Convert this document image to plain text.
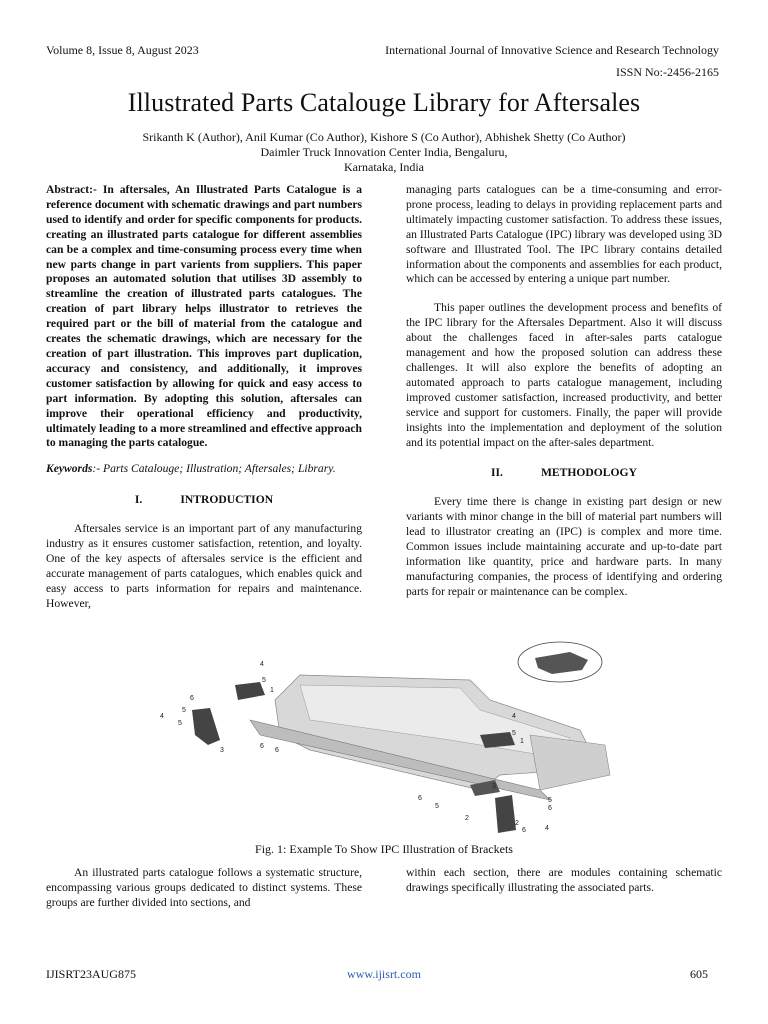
Volume 8, Issue 8, August 2023	International Journal of Innovative Science and Research Technology
ISSN No:-2456-2165
Illustrated Parts Catalouge Library for Aftersales
Srikanth K (Author), Anil Kumar (Co Author), Kishore S (Co Author), Abhishek Shetty (Co Author)
Daimler Truck Innovation Center India, Bengaluru,
Karnataka, India

Abstract:- In aftersales, An Illustrated Parts Catalogue is a reference document with schematic drawings and part numbers used to identify and order for specific components for products. creating an illustrated parts catalogue for different assemblies can be a complex and time-consuming process every time when new parts change in part varients from suppliers. This paper proposes an automated solution that utilises 3D assembly to streamline the creation of illustrated parts catalogues. The creation of part library helps illustrator to retrieves the required part or the bill of material from the catalogue and creates the schematic drawings, which are necessary for the creation of part illustration. This improves part duplication, accuracy and consistency, and additionally, it improves customer satisfaction by allowing for quick and easy access to part information. By adopting this solution, aftersales can improve their operational efficiency and productivity, ultimately leading to a more streamlined and effective approach to managing the parts catalogue.

Keywords:- Parts Catalouge; Illustration; Aftersales; Library.

I.	INTRODUCTION

Aftersales service is an important part of any manufacturing industry as it ensures customer satisfaction, retention, and loyalty. One of the key aspects of aftersales service is the efficient and accurate management of parts catalogues, which enables quick and easy access to parts information for repairs and maintenance. However,

managing parts catalogues can be a time-consuming and error-prone process, leading to delays in providing replacement parts and ultimately impacting customer satisfaction. To address these issues, an Illustrated Parts Catalogue (IPC) library was developed using 3D software and Illustrated Tool. The IPC library contains detailed information about the components and assemblies for each product, which can be accessed by entering a unique part number.

This paper outlines the development process and benefits of the IPC library for the Aftersales Department. Also it will discuss about the challenges faced in after-sales parts catalogue management and how the proposed solution can address these challenges. It will also explore the benefits of adopting an automated approach to parts catalogue management, including improved customer satisfaction, increased productivity, and better service and support for customers. Finally, the paper will provide insights into the implementation and deployment of the solution and its potential impact on the after-sales department.

II.	METHODOLOGY

Every time there is change in existing part design or new variants with minor change in the bill of material part numbers will lead to illustrator creating an (IPC) is complex and more time. Common issues include maintaining accurate and up-to-date part information like quantity, price and hardware parts. In many manufacturing companies, the process of identifying and ordering parts for repair or maintenance can be complex.

4
5
1
4
5
3
6
6
5
6
2
4
5
1
6
5
3
5
6
2
6	4
Fig. 1: Example To Show IPC Illustration of Brackets

An illustrated parts catalogue follows a systematic structure, encompassing various groups dedicated to distinct systems. These groups are further divided into sections, and

within each section, there are modules containing schematic drawings specifically illustrating the associated parts.

IJISRT23AUG875	www.ijisrt.com	605
